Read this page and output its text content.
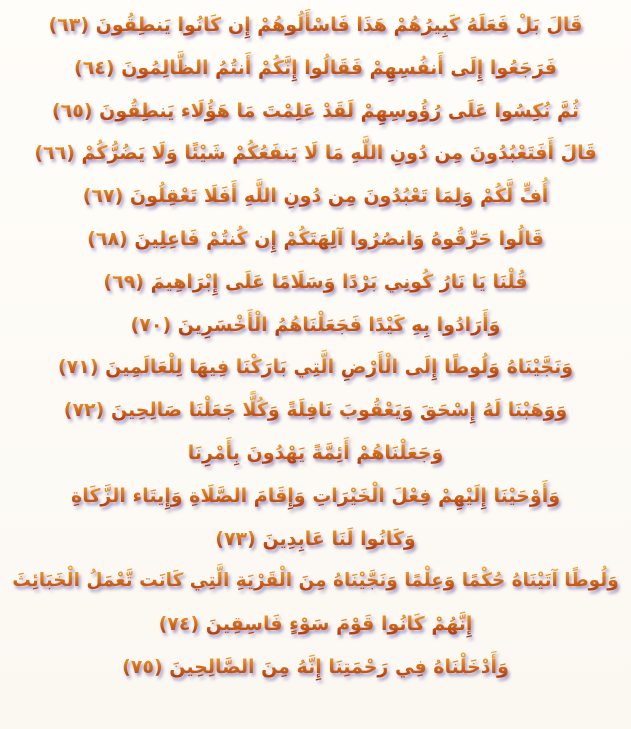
قَالَ بَلْ فَعَلَهُ كَبِيرُهُمْ هَذَا فَاسْأَلُوهُمْ إِن كَانُوا يَنطِقُونَ (٦٣)
فَرَجَعُوا إِلَى أَنفُسِهِمْ فَقَالُوا إِنَّكُمْ أَنتُمُ الظَّالِمُونَ (٦٤)
ثُمَّ نُكِسُوا عَلَى رُؤُوسِهِمْ لَقَدْ عَلِمْتَ مَا هَؤُلَاء يَنطِقُونَ (٦٥)
قَالَ أَفَتَعْبُدُونَ مِن دُونِ اللَّهِ مَا لَا يَنفَعُكُمْ شَيْئًا وَلَا يَضُرُّكُمْ (٦٦)
أُفٍّ لَّكُمْ وَلِمَا تَعْبُدُونَ مِن دُونِ اللَّهِ أَفَلَا تَعْقِلُونَ (٦٧)
قَالُوا حَرِّقُوهُ وَانصُرُوا آلِهَتَكُمْ إِن كُنتُمْ فَاعِلِينَ (٦٨)
قُلْنَا يَا نَارُ كُونِي بَرْدًا وَسَلَامًا عَلَى إِبْرَاهِيمَ (٦٩)
وَأَرَادُوا بِهِ كَيْدًا فَجَعَلْنَاهُمُ الْأَخْسَرِينَ (٧٠)
وَنَجَّيْنَاهُ وَلُوطًا إِلَى الْأَرْضِ الَّتِي بَارَكْنَا فِيهَا لِلْعَالَمِينَ (٧١)
وَوَهَبْنَا لَهُ إِسْحَقَ وَيَعْقُوبَ نَافِلَةً وَكُلًّا جَعَلْنَا صَالِحِينَ (٧٢)
وَجَعَلْنَاهُمْ أَئِمَّةً يَهْدُونَ بِأَمْرِنَا
وَأَوْحَيْنَا إِلَيْهِمْ فِعْلَ الْخَيْرَاتِ وَإِقَامَ الصَّلَاةِ وَإِيتَاء الزَّكَاةِ
وَكَانُوا لَنَا عَابِدِينَ (٧٣)
وَلُوطًا آتَيْنَاهُ حُكْمًا وَعِلْمًا وَنَجَّيْنَاهُ مِنَ الْقَرْيَةِ الَّتِي كَانَت تَّعْمَلُ الْخَبَائِثَ
إِنَّهُمْ كَانُوا قَوْمَ سَوْءٍ فَاسِقِينَ (٧٤)
وَأَدْخَلْنَاهُ فِي رَحْمَتِنَا إِنَّهُ مِنَ الصَّالِحِينَ (٧٥)
